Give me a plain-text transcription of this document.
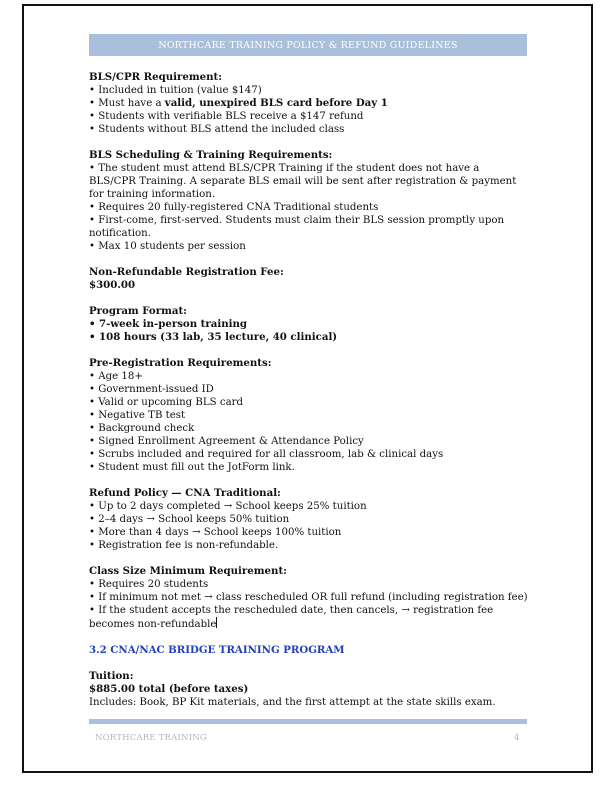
NORTHCARE TRAINING POLICY & REFUND GUIDELINES

BLS/CPR Requirement:

• Included in tuition (value $147)

• Must have a valid, unexpired BLS card before Day 1

• Students with verifiable BLS receive a $147 refund

• Students without BLS attend the included class

BLS Scheduling & Training Requirements:

• The student must attend BLS/CPR Training if the student does not have a BLS/CPR Training. A separate BLS email will be sent after registration & payment for training information.

• Requires 20 fully-registered CNA Traditional students

• First-come, first-served. Students must claim their BLS session promptly upon notification.

• Max 10 students per session

Non-Refundable Registration Fee:

$300.00

Program Format:

• 7-week in-person training

• 108 hours (33 lab, 35 lecture, 40 clinical)

Pre-Registration Requirements:

• Age 18+

• Government-issued ID

• Valid or upcoming BLS card

• Negative TB test

• Background check

• Signed Enrollment Agreement & Attendance Policy

• Scrubs included and required for all classroom, lab & clinical days

• Student must fill out the JotForm link.

Refund Policy — CNA Traditional:

• Up to 2 days completed → School keeps 25% tuition

• 2–4 days → School keeps 50% tuition

• More than 4 days → School keeps 100% tuition

• Registration fee is non-refundable.

Class Size Minimum Requirement:

• Requires 20 students

• If minimum not met → class rescheduled OR full refund (including registration fee)

• If the student accepts the rescheduled date, then cancels, → registration fee becomes non-refundable

3.2 CNA/NAC BRIDGE TRAINING PROGRAM

Tuition:

$885.00 total (before taxes)

Includes: Book, BP Kit materials, and the first attempt at the state skills exam.

NORTHCARE TRAINING	4
